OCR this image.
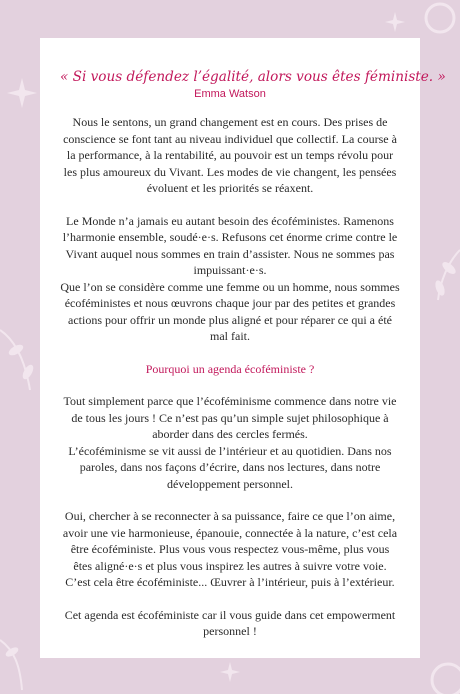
« Si vous défendez l’égalité, alors vous êtes féministe. »

Emma Watson

Nous le sentons, un grand changement est en cours. Des prises de conscience se font tant au niveau individuel que collectif. La course à la performance, à la rentabilité, au pouvoir est un temps révolu pour les plus amoureux du Vivant. Les modes de vie changent, les pensées évoluent et les priorités se réaxent.

Le Monde n’a jamais eu autant besoin des écoféministes. Ramenons l’harmonie ensemble, soudé·e·s. Refusons cet énorme crime contre le Vivant auquel nous sommes en train d’assister. Nous ne sommes pas impuissant·e·s.

Que l’on se considère comme une femme ou un homme, nous sommes écoféministes et nous œuvrons chaque jour par des petites et grandes actions pour offrir un monde plus aligné et pour réparer ce qui a été mal fait.

Pourquoi un agenda écoféministe ?

Tout simplement parce que l’écoféminisme commence dans notre vie de tous les jours ! Ce n’est pas qu’un simple sujet philosophique à aborder dans des cercles fermés.

L’écoféminisme se vit aussi de l’intérieur et au quotidien. Dans nos paroles, dans nos façons d’écrire, dans nos lectures, dans notre développement personnel.

Oui, chercher à se reconnecter à sa puissance, faire ce que l’on aime, avoir une vie harmonieuse, épanouie, connectée à la nature, c’est cela être écoféministe. Plus vous vous respectez vous-même, plus vous êtes aligné·e·s et plus vous inspirez les autres à suivre votre voie. C’est cela être écoféministe... Œuvrer à l’intérieur, puis à l’extérieur.

Cet agenda est écoféministe car il vous guide dans cet empowerment personnel !
